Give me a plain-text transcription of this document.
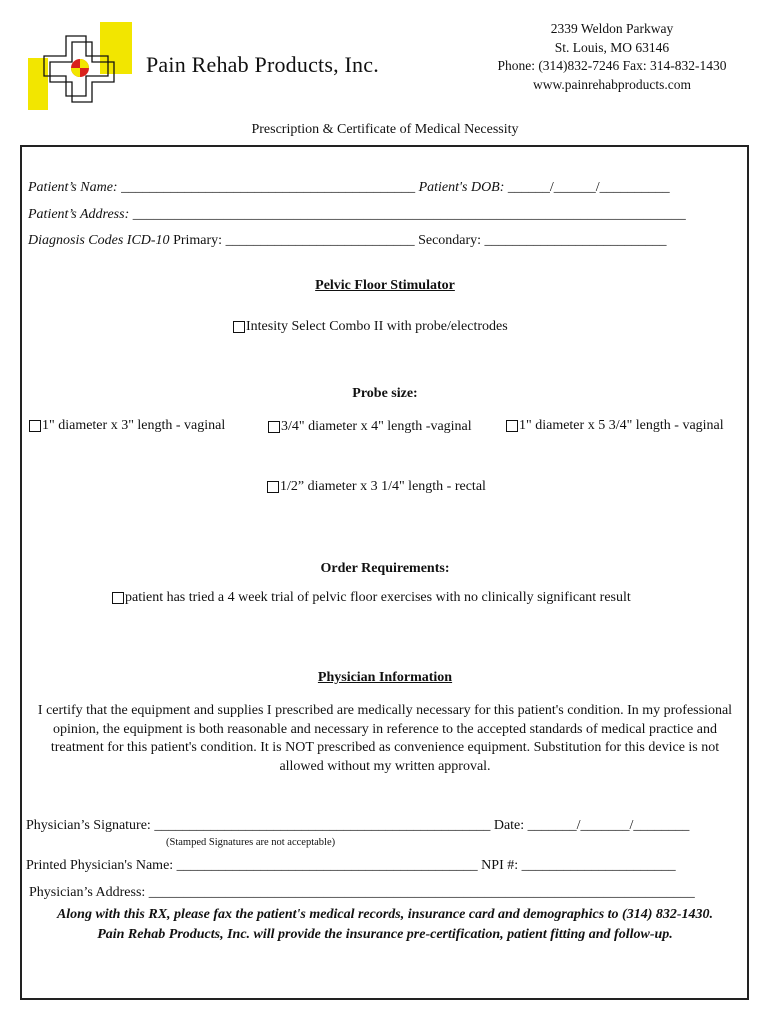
Pain Rehab Products, Inc.
2339 Weldon Parkway
St. Louis, MO 63146
Phone: (314)832-7246 Fax: 314-832-1430
www.painrehabproducts.com
Prescription & Certificate of Medical Necessity
Patient’s Name: __________________________________________ Patient's DOB: ______/______/__________
Patient’s Address: _______________________________________________________________________________
Diagnosis Codes ICD-10 Primary: ___________________________ Secondary: __________________________
Pelvic Floor Stimulator
Intesity Select Combo II with probe/electrodes
Probe size:
1" diameter x 3" length - vaginal	3/4" diameter x 4" length -vaginal	1" diameter x 5 3/4" length - vaginal
1/2” diameter x 3 1/4" length - rectal
Order Requirements:
patient has tried a 4 week trial of pelvic floor exercises with no clinically significant result
Physician Information
I certify that the equipment and supplies I prescribed are medically necessary for this patient's condition. In my professional opinion, the equipment is both reasonable and necessary in reference to the accepted standards of medical practice and treatment for this patient's condition. It is NOT prescribed as convenience equipment. Substitution for this device is not allowed without my written approval.
Physician’s Signature: ________________________________________________ Date: _______/_______/________
(Stamped Signatures are not acceptable)
Printed Physician's Name: ___________________________________________ NPI #: ______________________
Physician’s Address: ______________________________________________________________________________
Along with this RX, please fax the patient's medical records, insurance card and demographics to (314) 832-1430.
Pain Rehab Products, Inc. will provide the insurance pre-certification, patient fitting and follow-up.
